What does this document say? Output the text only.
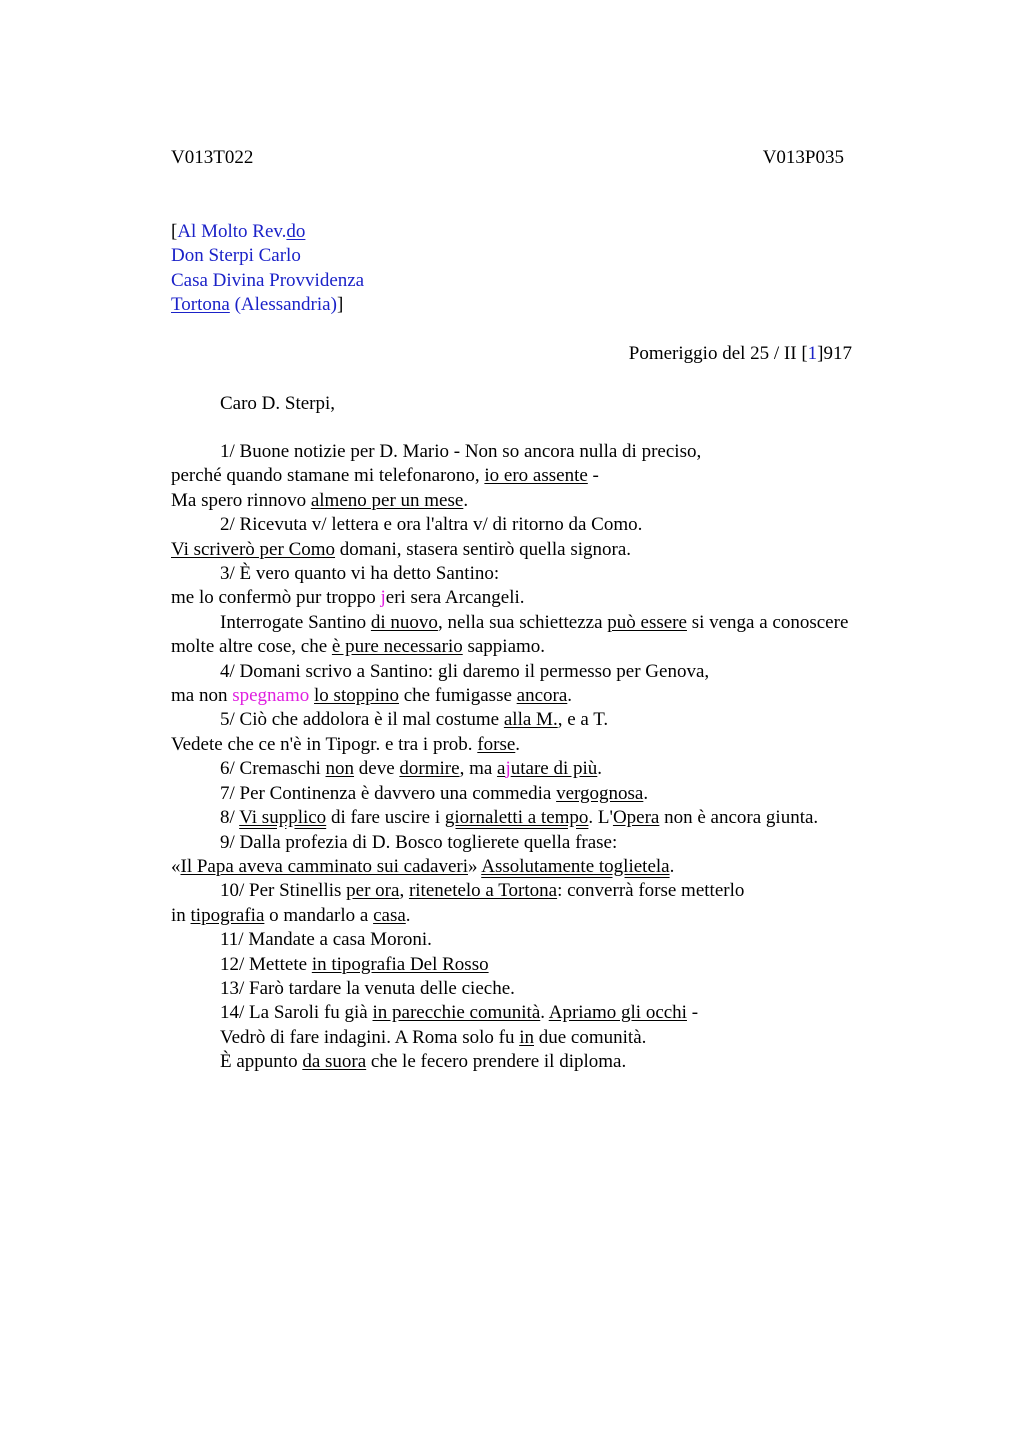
V013T022	V013P035
[Al Molto Rev.do
Don Sterpi Carlo
Casa Divina Provvidenza
Tortona (Alessandria)]
Pomeriggio del 25 / II [1]917
Caro D. Sterpi,
1/ Buone notizie per D. Mario - Non so ancora nulla di preciso,
perché quando stamane mi telefonarono, io ero assente -
Ma spero rinnovo almeno per un mese.
2/ Ricevuta v/ lettera e ora l'altra v/ di ritorno da Como.
Vi scriverò per Como domani, stasera sentirò quella signora.
3/ È vero quanto vi ha detto Santino:
me lo confermò pur troppo jeri sera Arcangeli.
Interrogate Santino di nuovo, nella sua schiettezza può essere si venga a conoscere
molte altre cose, che è pure necessario sappiamo.
4/ Domani scrivo a Santino: gli daremo il permesso per Genova,
ma non spegnamo lo stoppino che fumigasse ancora.
5/ Ciò che addolora è il mal costume alla M., e a T.
Vedete che ce n'è in Tipogr. e tra i prob. forse.
6/ Cremaschi non deve dormire, ma ajutare di più.
7/ Per Continenza è davvero una commedia vergognosa.
8/ Vi supplico di fare uscire i giornaletti a tempo. L'Opera non è ancora giunta.
9/ Dalla profezia di D. Bosco toglierete quella frase:
«Il Papa aveva camminato sui cadaveri» Assolutamente toglietela.
10/ Per Stinellis per ora, ritenetelo a Tortona: converrà forse metterlo
in tipografia o mandarlo a casa.
11/ Mandate a casa Moroni.
12/ Mettete in tipografia Del Rosso
13/ Farò tardare la venuta delle cieche.
14/ La Saroli fu già in parecchie comunità. Apriamo gli occhi -
Vedrò di fare indagini. A Roma solo fu in due comunità.
È appunto da suora che le fecero prendere il diploma.
